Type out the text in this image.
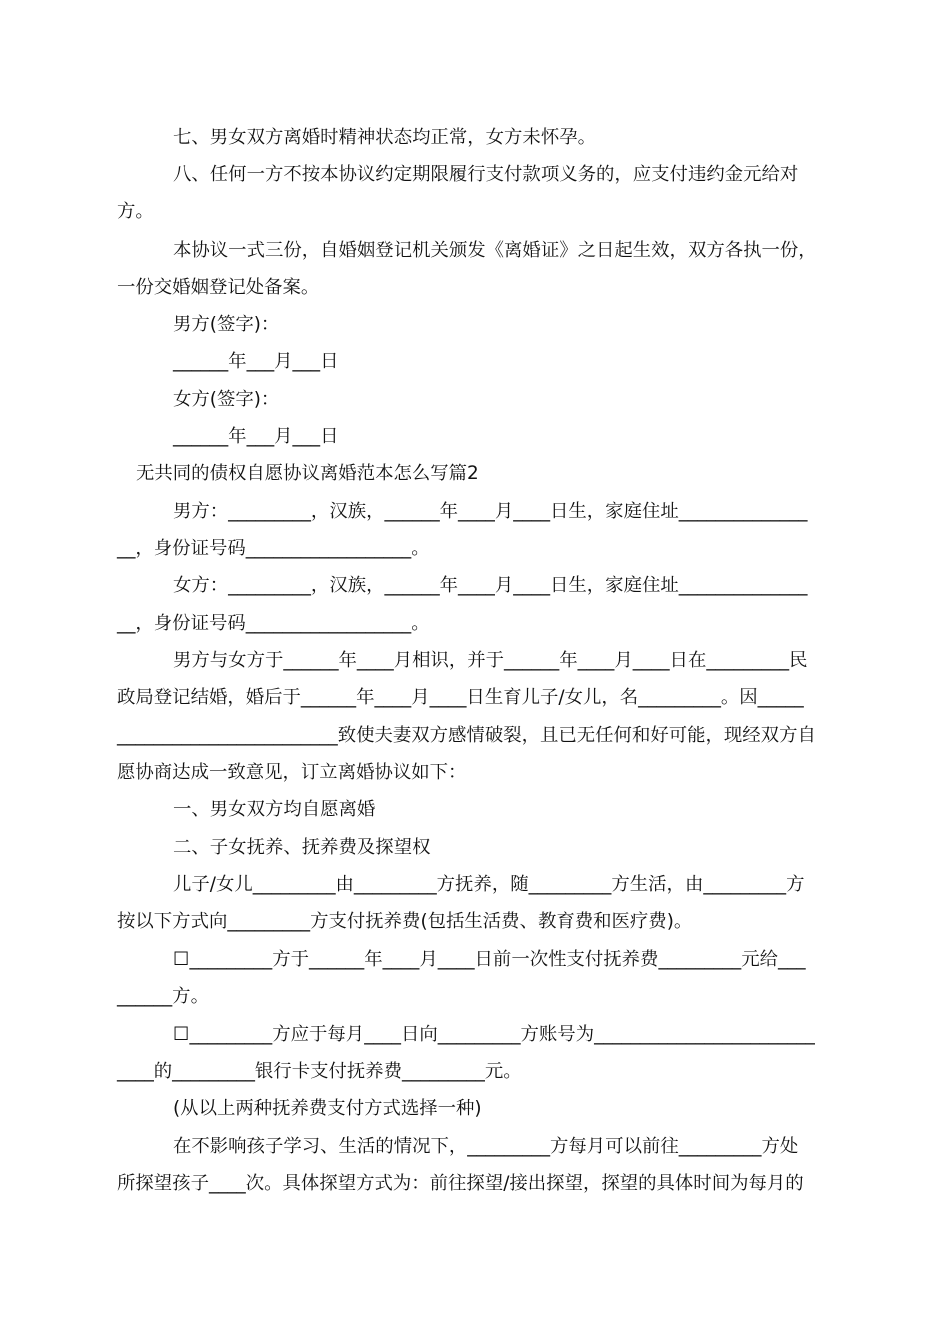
七、男女双方离婚时精神状态均正常，女方未怀孕。
八、任何一方不按本协议约定期限履行支付款项义务的，应支付违约金元给对
方。
本协议一式三份，自婚姻登记机关颁发《离婚证》之日起生效，双方各执一份，
一份交婚姻登记处备案。
男方(签字)：
______年___月___日
女方(签字)：
______年___月___日
无共同的债权自愿协议离婚范本怎么写篇2
男方：_________，汉族，______年____月____日生，家庭住址______________
__，身份证号码__________________。
女方：_________，汉族，______年____月____日生，家庭住址______________
__，身份证号码__________________。
男方与女方于______年____月相识，并于______年____月____日在_________民
政局登记结婚，婚后于______年____月____日生育儿子/女儿，名_________。因_____
________________________致使夫妻双方感情破裂，且已无任何和好可能，现经双方自
愿协商达成一致意见，订立离婚协议如下：
一、男女双方均自愿离婚
二、子女抚养、抚养费及探望权
儿子/女儿_________由_________方抚养，随_________方生活，由_________方
按以下方式向_________方支付抚养费(包括生活费、教育费和医疗费)。
☐_________方于______年____月____日前一次性支付抚养费_________元给___
______方。
☐_________方应于每月____日向_________方账号为________________________
____的_________银行卡支付抚养费_________元。
(从以上两种抚养费支付方式选择一种)
在不影响孩子学习、生活的情况下，_________方每月可以前往_________方处
所探望孩子____次。具体探望方式为：前往探望/接出探望，探望的具体时间为每月的
